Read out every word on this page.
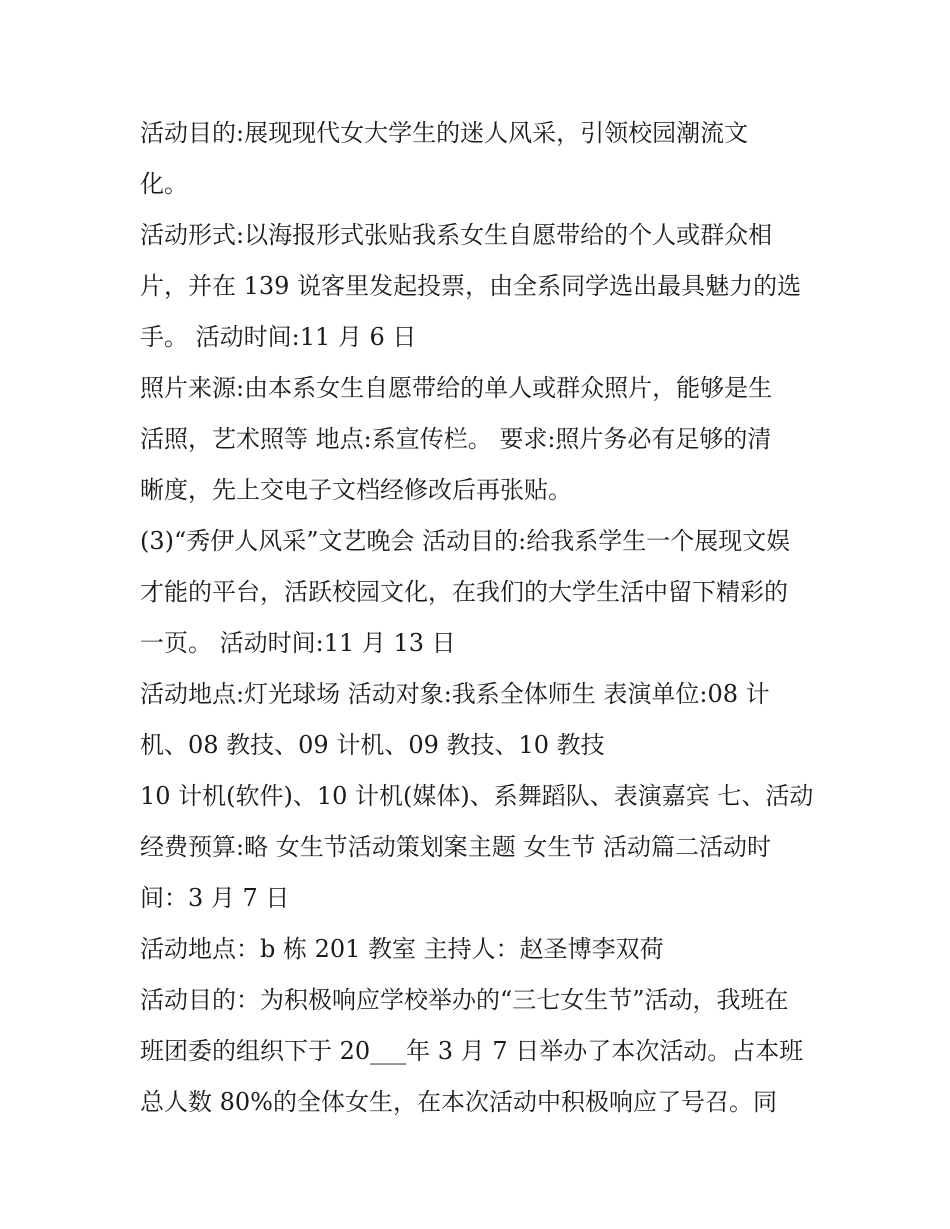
活动目的:展现现代女大学生的迷人风采，引领校园潮流文
化。
活动形式:以海报形式张贴我系女生自愿带给的个人或群众相
片，并在 139 说客里发起投票，由全系同学选出最具魅力的选
手。 活动时间:11 月 6 日
照片来源:由本系女生自愿带给的单人或群众照片，能够是生
活照，艺术照等 地点:系宣传栏。 要求:照片务必有足够的清
晰度，先上交电子文档经修改后再张贴。
(3)“秀伊人风采”文艺晚会 活动目的:给我系学生一个展现文娱
才能的平台，活跃校园文化，在我们的大学生活中留下精彩的
一页。 活动时间:11 月 13 日
活动地点:灯光球场 活动对象:我系全体师生 表演单位:08 计
机、08 教技、09 计机、09 教技、10 教技
10 计机(软件)、10 计机(媒体)、系舞蹈队、表演嘉宾 七、活动
经费预算:略 女生节活动策划案主题 女生节 活动篇二活动时
间：3 月 7 日
活动地点：b 栋 201 教室 主持人：赵圣博李双荷
活动目的：为积极响应学校举办的“三七女生节”活动，我班在
班团委的组织下于 20___年 3 月 7 日举办了本次活动。占本班
总人数 80%的全体女生，在本次活动中积极响应了号召。同
